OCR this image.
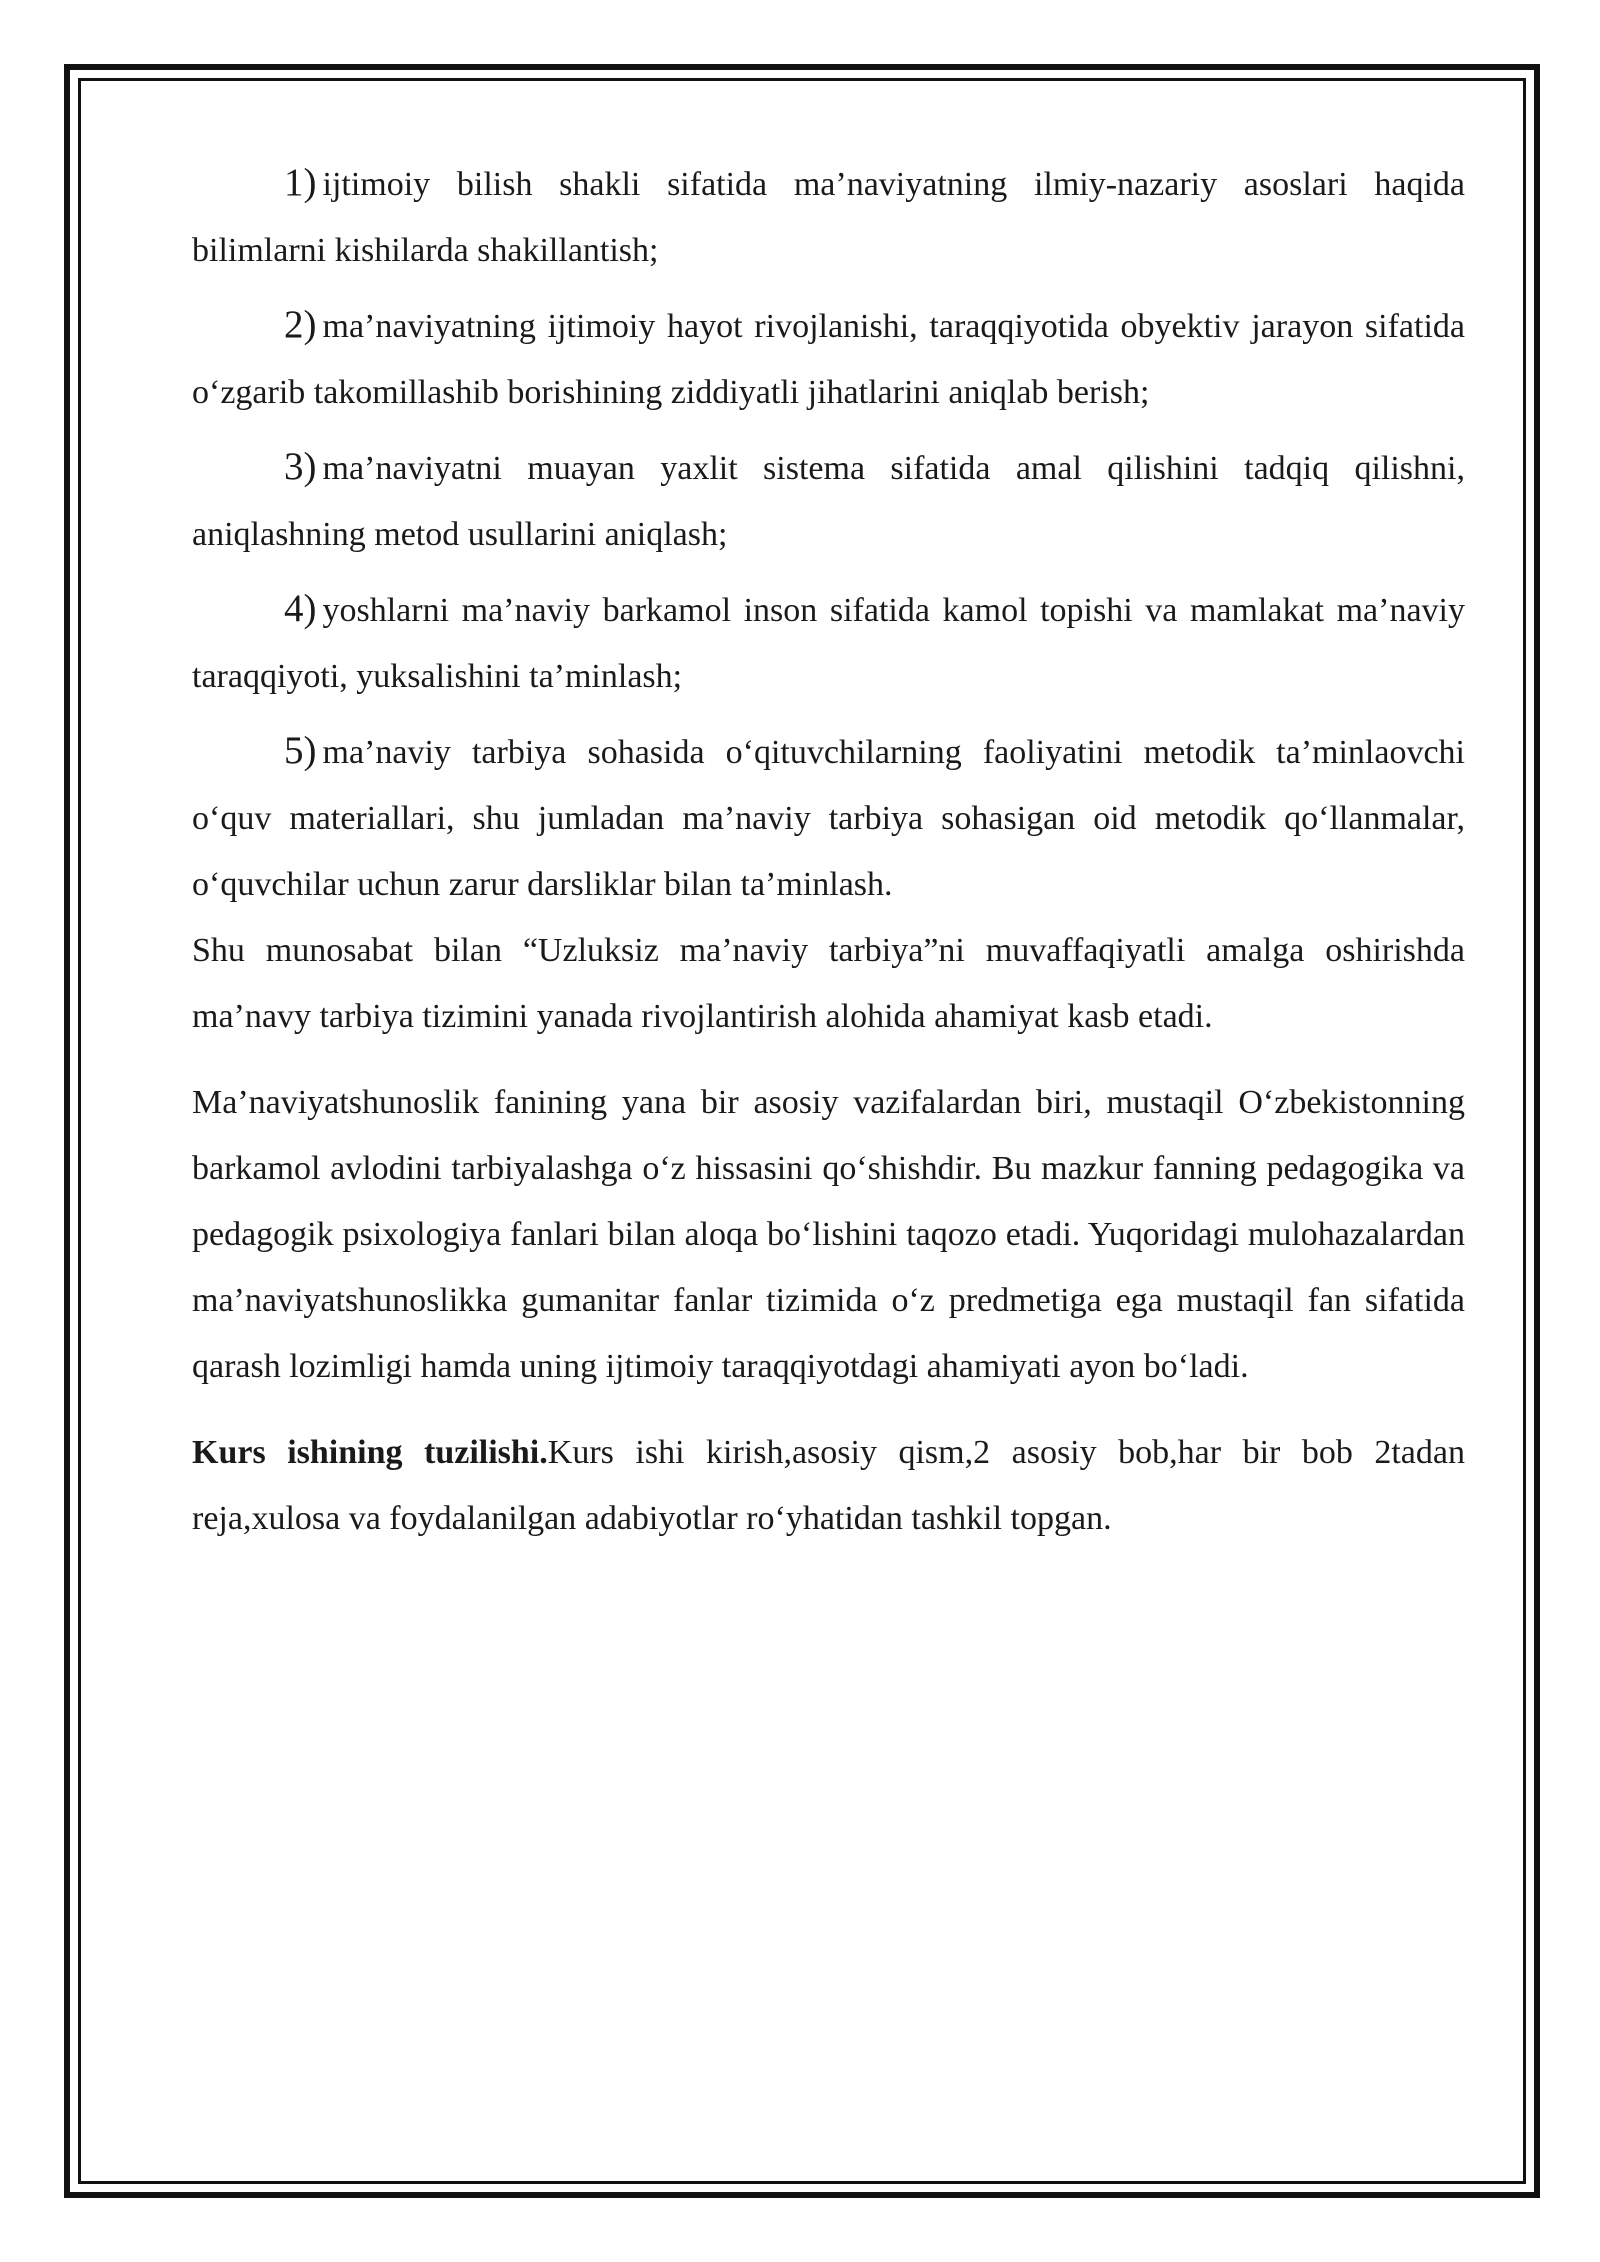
1) ijtimoiy bilish shakli sifatida ma’naviyatning ilmiy-nazariy asoslari haqida bilimlarni kishilarda shakillantish;

2) ma’naviyatning ijtimoiy hayot rivojlanishi, taraqqiyotida obyektiv jarayon sifatida o‘zgarib takomillashib borishining ziddiyatli jihatlarini aniqlab berish;

3) ma’naviyatni muayan yaxlit sistema sifatida amal qilishini tadqiq qilishni, aniqlashning metod usullarini aniqlash;

4) yoshlarni ma’naviy barkamol inson sifatida kamol topishi va mamlakat ma’naviy taraqqiyoti, yuksalishini ta’minlash;

5) ma’naviy tarbiya sohasida o‘qituvchilarning faoliyatini metodik ta’minlaovchi o‘quv materiallari, shu jumladan ma’naviy tarbiya sohasigan oid metodik qo‘llanmalar, o‘quvchilar uchun zarur darsliklar bilan ta’minlash.

Shu munosabat bilan “Uzluksiz ma’naviy tarbiya”ni muvaffaqiyatli amalga oshirishda ma’navy tarbiya tizimini yanada rivojlantirish alohida ahamiyat kasb etadi.

Ma’naviyatshunoslik fanining yana bir asosiy vazifalardan biri, mustaqil O‘zbekistonning barkamol avlodini tarbiyalashga o‘z hissasini qo‘shishdir. Bu mazkur fanning pedagogika va pedagogik psixologiya fanlari bilan aloqa bo‘lishini taqozo etadi. Yuqoridagi mulohazalardan ma’naviyatshunoslikka gumanitar fanlar tizimida o‘z predmetiga ega mustaqil fan sifatida qarash lozimligi hamda uning ijtimoiy taraqqiyotdagi ahamiyati ayon bo‘ladi.

Kurs ishining tuzilishi.Kurs ishi kirish,asosiy qism,2 asosiy bob,har bir bob 2tadan reja,xulosa va foydalanilgan adabiyotlar ro‘yhatidan tashkil topgan.
